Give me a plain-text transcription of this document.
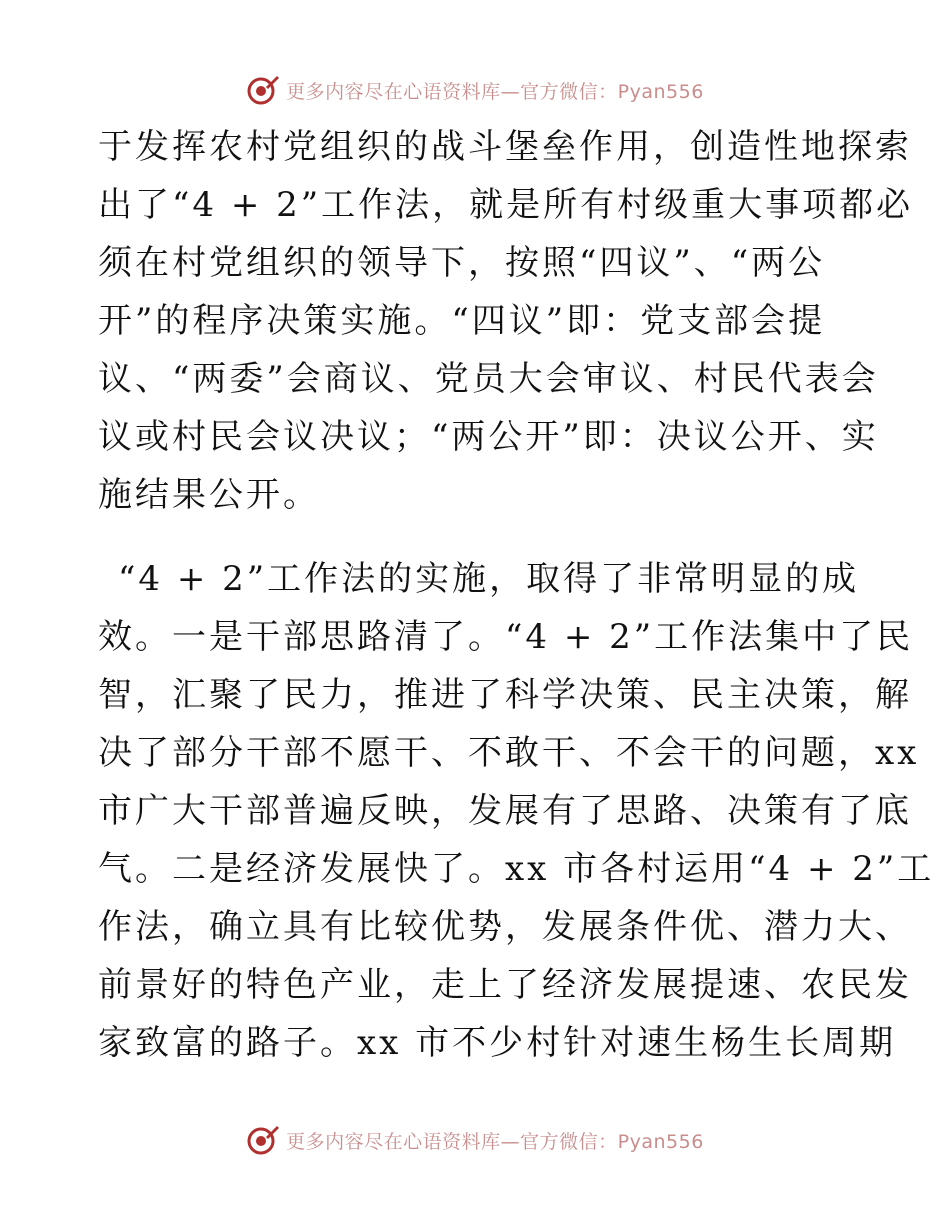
更多内容尽在心语资料库—官方微信：Pyan556
于发挥农村党组织的战斗堡垒作用，创造性地探索
出了“4 + 2”工作法，就是所有村级重大事项都必
须在村党组织的领导下，按照“四议”、“两公
开”的程序决策实施。“四议”即：党支部会提
议、“两委”会商议、党员大会审议、村民代表会
议或村民会议决议；“两公开”即：决议公开、实
施结果公开。
“4 + 2”工作法的实施，取得了非常明显的成
效。一是干部思路清了。“4 + 2”工作法集中了民
智，汇聚了民力，推进了科学决策、民主决策，解
决了部分干部不愿干、不敢干、不会干的问题，xx
市广大干部普遍反映，发展有了思路、决策有了底
气。二是经济发展快了。xx 市各村运用“4 + 2”工
作法，确立具有比较优势，发展条件优、潜力大、
前景好的特色产业，走上了经济发展提速、农民发
家致富的路子。xx 市不少村针对速生杨生长周期
更多内容尽在心语资料库—官方微信：Pyan556
